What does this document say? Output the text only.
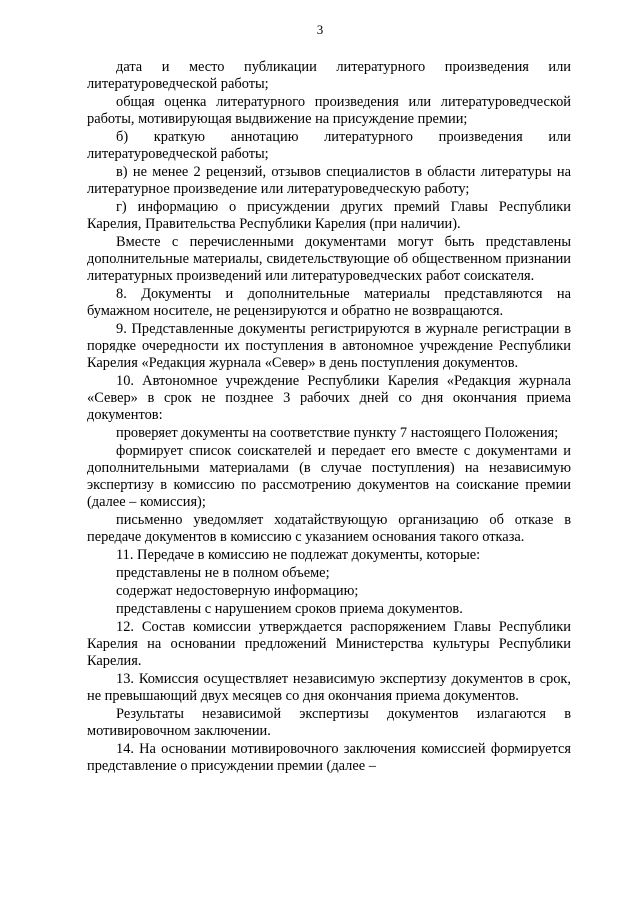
3

дата и место публикации литературного произведения или литературоведческой работы;

общая оценка литературного произведения или литературоведческой работы, мотивирующая выдвижение на присуждение премии;

б) краткую аннотацию литературного произведения или литературоведческой работы;

в) не менее 2 рецензий, отзывов специалистов в области литературы на литературное произведение или литературоведческую работу;

г) информацию о присуждении других премий Главы Республики Карелия, Правительства Республики Карелия (при наличии).

Вместе с перечисленными документами могут быть представлены дополнительные материалы, свидетельствующие об общественном признании литературных произведений или литературоведческих работ соискателя.

8. Документы и дополнительные материалы представляются на бумажном носителе, не рецензируются и обратно не возвращаются.

9. Представленные документы регистрируются в журнале регистрации в порядке очередности их поступления в автономное учреждение Республики Карелия «Редакция журнала «Север» в день поступления документов.

10. Автономное учреждение Республики Карелия «Редакция журнала «Север» в срок не позднее 3 рабочих дней со дня окончания приема документов:

проверяет документы на соответствие пункту 7 настоящего Положения;

формирует список соискателей и передает его вместе с документами и дополнительными материалами (в случае поступления) на независимую экспертизу в комиссию по рассмотрению документов на соискание премии (далее – комиссия);

письменно уведомляет ходатайствующую организацию об отказе в передаче документов в комиссию с указанием основания такого отказа.

11. Передаче в комиссию не подлежат документы, которые:

представлены не в полном объеме;

содержат недостоверную информацию;

представлены с нарушением сроков приема документов.

12. Состав комиссии утверждается распоряжением Главы Республики Карелия на основании предложений Министерства культуры Республики Карелия.

13. Комиссия осуществляет независимую экспертизу документов в срок, не превышающий двух месяцев со дня окончания приема документов.

Результаты независимой экспертизы документов излагаются в мотивировочном заключении.

14. На основании мотивировочного заключения комиссией формируется представление о присуждении премии (далее –
